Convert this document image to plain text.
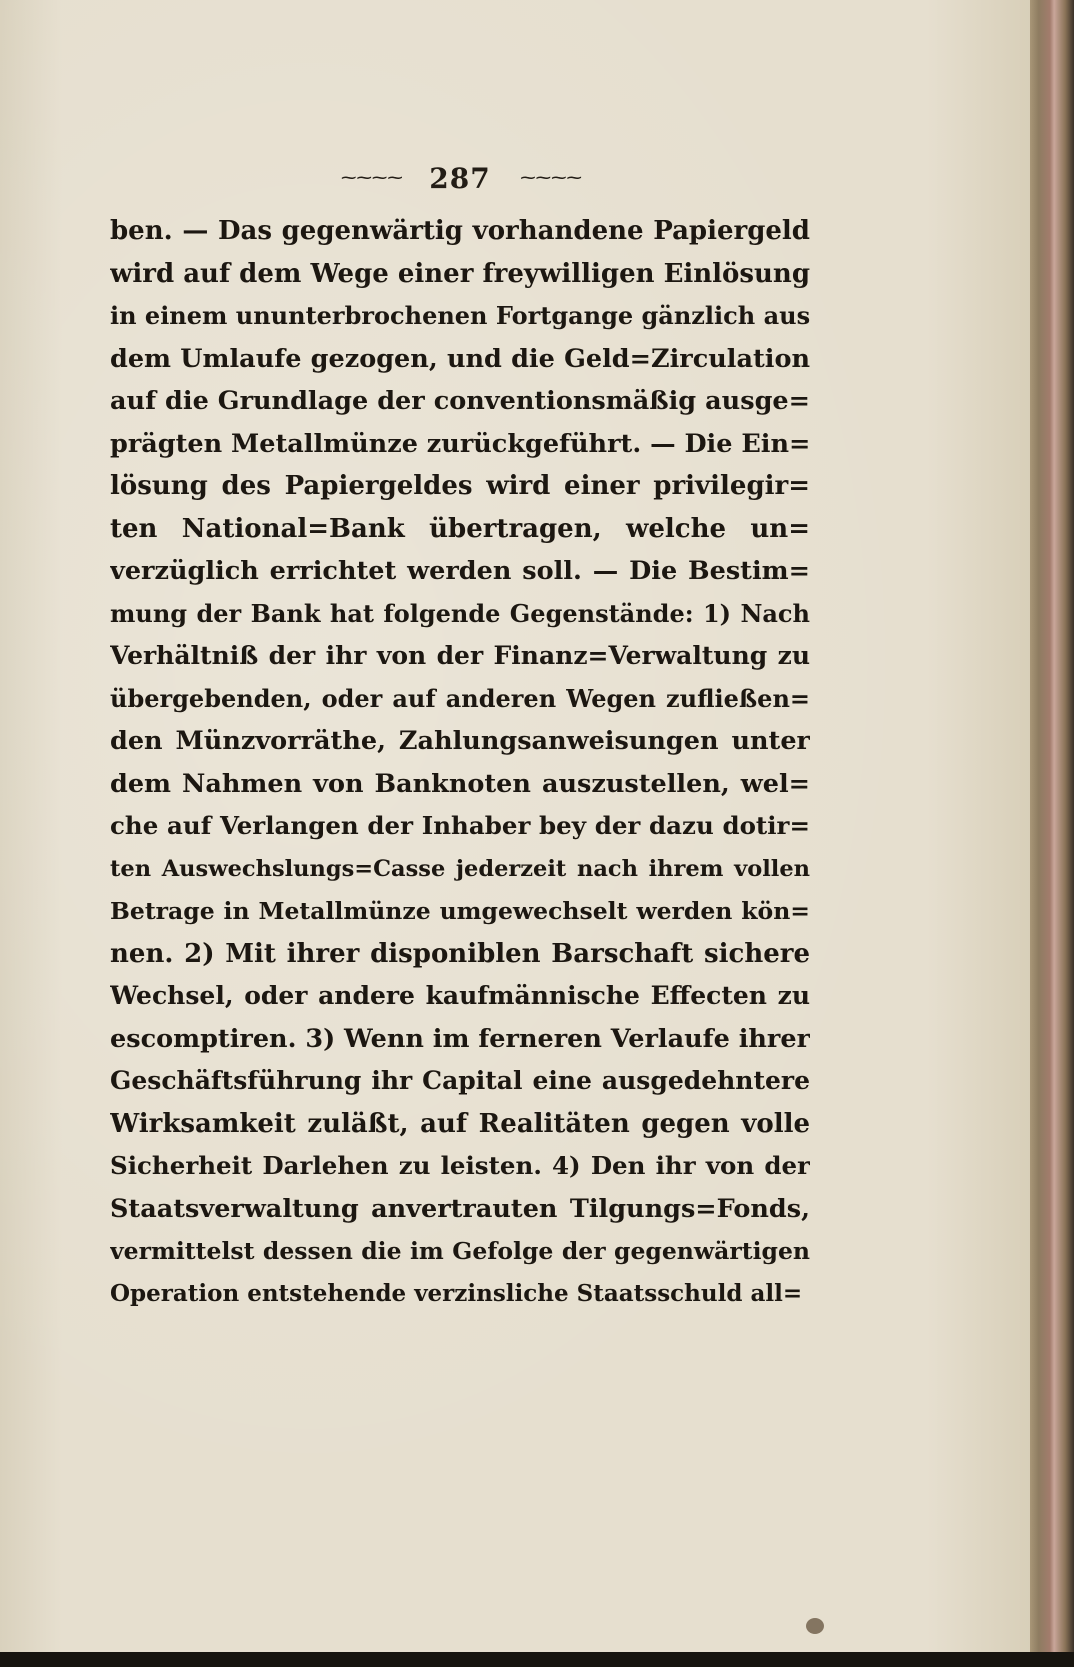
~~~~ 287 ~~~~
ben. — Das gegenwärtig vorhandene Papiergeld
wird auf dem Wege einer freywilligen Einlösung
in einem ununterbrochenen Fortgange gänzlich aus
dem Umlaufe gezogen, und die Geld=Zirculation
auf die Grundlage der conventionsmäßig ausge=
prägten Metallmünze zurückgeführt. — Die Ein=
lösung des Papiergeldes wird einer privilegir=
ten National=Bank übertragen, welche un=
verzüglich errichtet werden soll. — Die Bestim=
mung der Bank hat folgende Gegenstände: 1) Nach
Verhältniß der ihr von der Finanz=Verwaltung zu
übergebenden, oder auf anderen Wegen zufließen=
den Münzvorräthe, Zahlungsanweisungen unter
dem Nahmen von Banknoten auszustellen, wel=
che auf Verlangen der Inhaber bey der dazu dotir=
ten Auswechslungs=Casse jederzeit nach ihrem vollen
Betrage in Metallmünze umgewechselt werden kön=
nen. 2) Mit ihrer disponiblen Barschaft sichere
Wechsel, oder andere kaufmännische Effecten zu
escomptiren. 3) Wenn im ferneren Verlaufe ihrer
Geschäftsführung ihr Capital eine ausgedehntere
Wirksamkeit zuläßt, auf Realitäten gegen volle
Sicherheit Darlehen zu leisten. 4) Den ihr von der
Staatsverwaltung anvertrauten Tilgungs=Fonds,
vermittelst dessen die im Gefolge der gegenwärtigen
Operation entstehende verzinsliche Staatsschuld all=
